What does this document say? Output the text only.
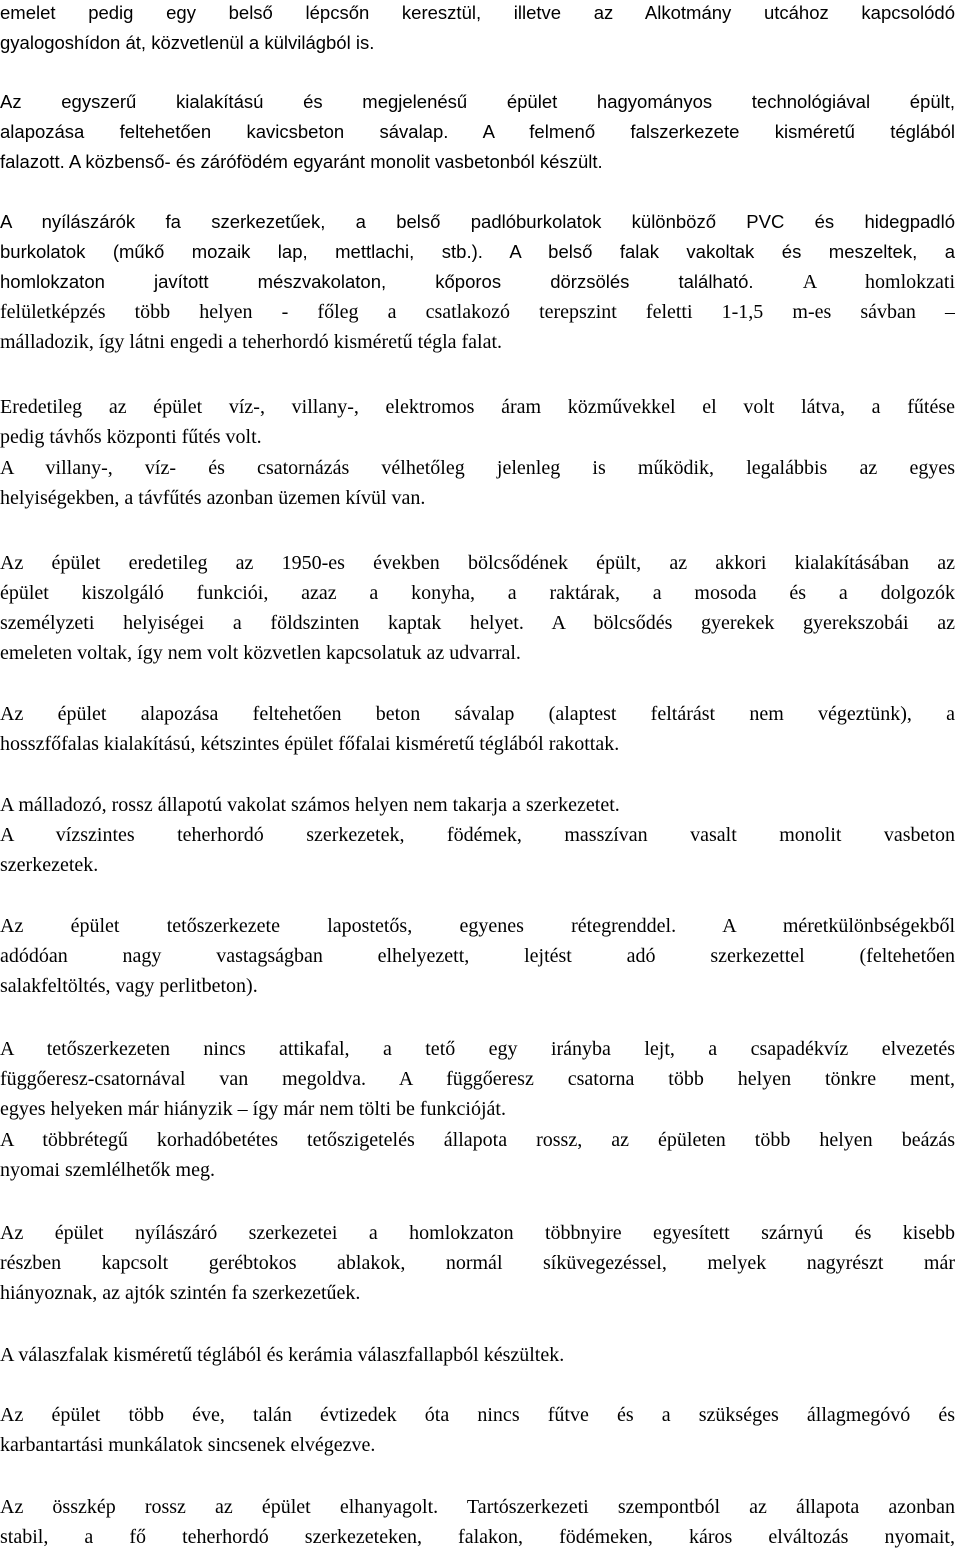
emelet pedig egy belső lépcsőn keresztül, illetve az Alkotmány utcához kapcsolódó
gyalogoshídon át, közvetlenül a külvilágból is.
Az egyszerű kialakítású és megjelenésű épület hagyományos technológiával épült,
alapozása feltehetően kavicsbeton sávalap. A felmenő falszerkezete kisméretű téglából
falazott. A közbenső- és zárófödém egyaránt monolit vasbetonból készült.
A nyílászárók fa szerkezetűek, a belső padlóburkolatok különböző PVC és hidegpadló
burkolatok (műkő mozaik lap, mettlachi, stb.). A belső falak vakoltak és meszeltek, a
homlokzaton javított mészvakolaton, kőporos dörzsölés található. A homlokzati
felületképzés több helyen - főleg a csatlakozó terepszint feletti 1-1,5 m-es sávban –
málladozik, így látni engedi a teherhordó kisméretű tégla falat.
Eredetileg az épület víz-, villany-, elektromos áram közművekkel el volt látva, a fűtése
pedig távhős központi fűtés volt.
A villany-, víz- és csatornázás vélhetőleg jelenleg is működik, legalábbis az egyes
helyiségekben, a távfűtés azonban üzemen kívül van.
Az épület eredetileg az 1950-es években bölcsődének épült, az akkori kialakításában az
épület kiszolgáló funkciói, azaz a konyha, a raktárak, a mosoda és a dolgozók
személyzeti helyiségei a földszinten kaptak helyet. A bölcsődés gyerekek gyerekszobái az
emeleten voltak, így nem volt közvetlen kapcsolatuk az udvarral.
Az épület alapozása feltehetően beton sávalap (alaptest feltárást nem végeztünk), a
hosszfőfalas kialakítású, kétszintes épület főfalai kisméretű téglából rakottak.
A málladozó, rossz állapotú vakolat számos helyen nem takarja a szerkezetet.
A vízszintes teherhordó szerkezetek, födémek, masszívan vasalt monolit vasbeton
szerkezetek.
Az épület tetőszerkezete lapostetős, egyenes rétegrenddel. A méretkülönbségekből
adódóan nagy vastagságban elhelyezett, lejtést adó szerkezettel (feltehetően
salakfeltöltés, vagy perlitbeton).
A tetőszerkezeten nincs attikafal, a tető egy irányba lejt, a csapadékvíz elvezetés
függőeresz-csatornával van megoldva. A függőeresz csatorna több helyen tönkre ment,
egyes helyeken már hiányzik – így már nem tölti be funkcióját.
A többrétegű korhadóbetétes tetőszigetelés állapota rossz, az épületen több helyen beázás
nyomai szemlélhetők meg.
Az épület nyílászáró szerkezetei a homlokzaton többnyire egyesített szárnyú és kisebb
részben kapcsolt gerébtokos ablakok, normál síküvegezéssel, melyek nagyrészt már
hiányoznak, az ajtók szintén fa szerkezetűek.
A válaszfalak kisméretű téglából és kerámia válaszfallapból készültek.
Az épület több éve, talán évtizedek óta nincs fűtve és a szükséges állagmegóvó és
karbantartási munkálatok sincsenek elvégezve.
Az összkép rossz az épület elhanyagolt. Tartószerkezeti szempontból az állapota azonban
stabil, a fő teherhordó szerkezeteken, falakon, födémeken, káros elváltozás nyomait,
